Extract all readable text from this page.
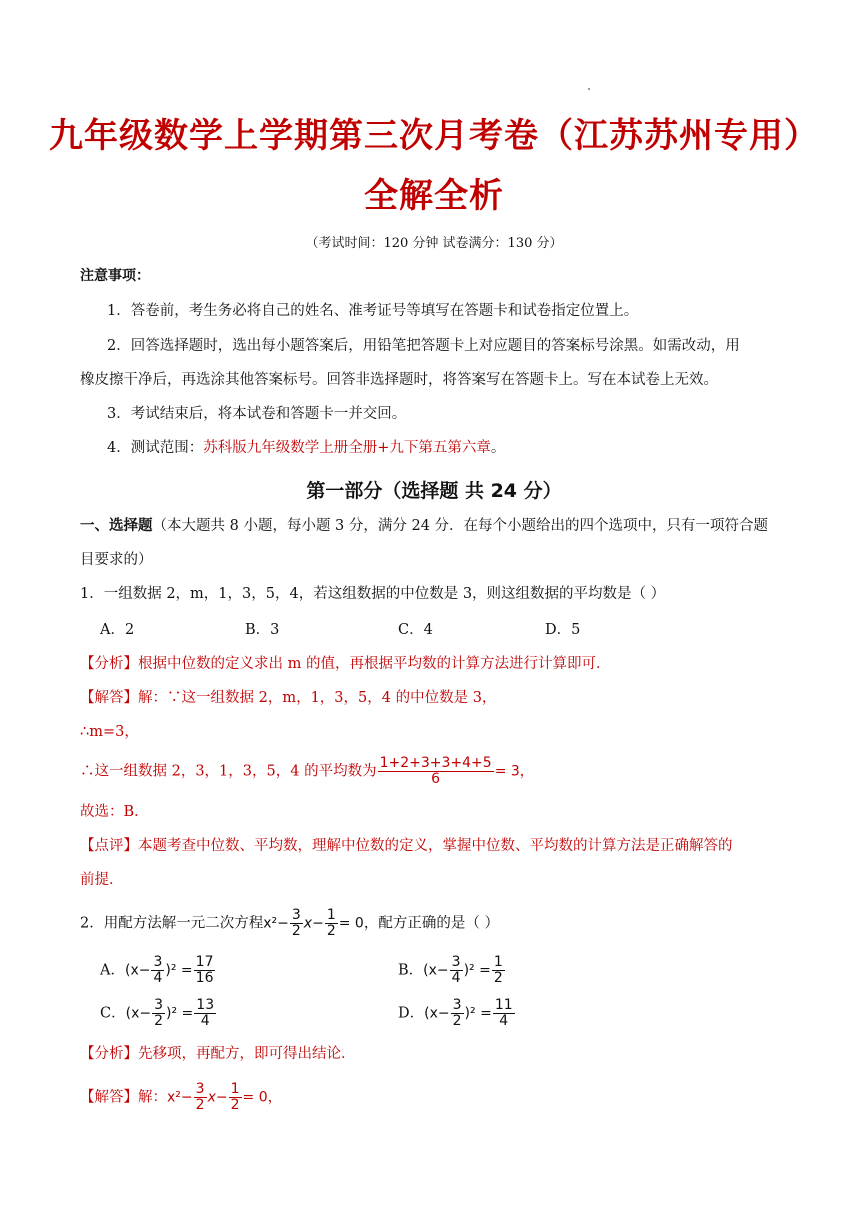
九年级数学上学期第三次月考卷（江苏苏州专用）
全解全析
（考试时间：120 分钟 试卷满分：130 分）
注意事项：
1．答卷前，考生务必将自己的姓名、准考证号等填写在答题卡和试卷指定位置上。
2．回答选择题时，选出每小题答案后，用铅笔把答题卡上对应题目的答案标号涂黑。如需改动，用
橡皮擦干净后，再选涂其他答案标号。回答非选择题时，将答案写在答题卡上。写在本试卷上无效。
3．考试结束后，将本试卷和答题卡一并交回。
4．测试范围：苏科版九年级数学上册全册+九下第五第六章。
第一部分（选择题 共 24 分）
一、选择题（本大题共 8 小题，每小题 3 分，满分 24 分．在每个小题给出的四个选项中，只有一项符合题
目要求的）
1．一组数据 2，m，1，3，5，4，若这组数据的中位数是 3，则这组数据的平均数是（ ）
A．2	B．3	C．4	D．5
【分析】根据中位数的定义求出 m 的值，再根据平均数的计算方法进行计算即可．
【解答】解：∵这一组数据 2，m，1，3，5，4 的中位数是 3，
∴m=3，
∴这一组数据 2，3，1，3，5，4 的平均数为 $\frac{1+2+3+3+4+5}{6} = 3$，
故选：B．
【点评】本题考查中位数、平均数，理解中位数的定义，掌握中位数、平均数的计算方法是正确解答的
前提．
2．用配方法解一元二次方程$x^2- \frac{3}{2} x- \frac{1}{2} = 0$，配方正确的是（ ）
A．$(x- \frac{3}{4} )^2 = \frac{17}{16}$	B．$(x- \frac{3}{4} )^2 = \frac{1}{2}$
C．$(x- \frac{3}{2} )^2 = \frac{13}{4}$	D．$(x- \frac{3}{2} )^2 = \frac{11}{4}$
【分析】先移项，再配方，即可得出结论．
【解答】解：$x^2- \frac{3}{2} x- \frac{1}{2} = 0$，
